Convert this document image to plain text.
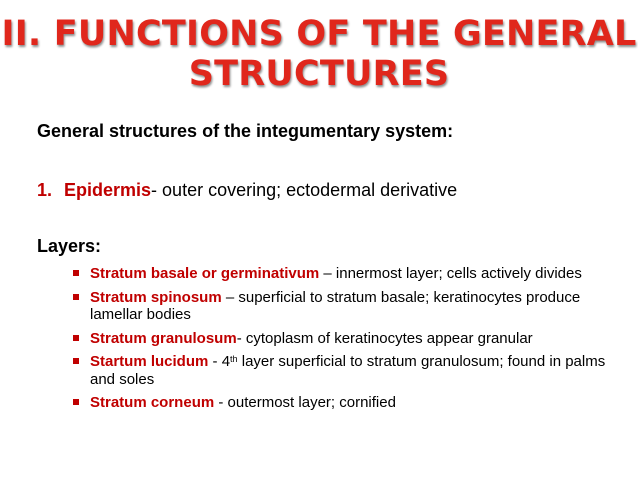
II. FUNCTIONS OF THE GENERAL
STRUCTURES
General structures of the integumentary system:
1. Epidermis- outer covering; ectodermal derivative
Layers:
Stratum basale or germinativum – innermost layer; cells actively divides
Stratum spinosum – superficial to stratum basale; keratinocytes produce lamellar bodies
Stratum granulosum- cytoplasm of keratinocytes appear granular
Startum lucidum - 4th layer superficial to stratum granulosum; found in palms and soles
Stratum corneum - outermost layer; cornified
